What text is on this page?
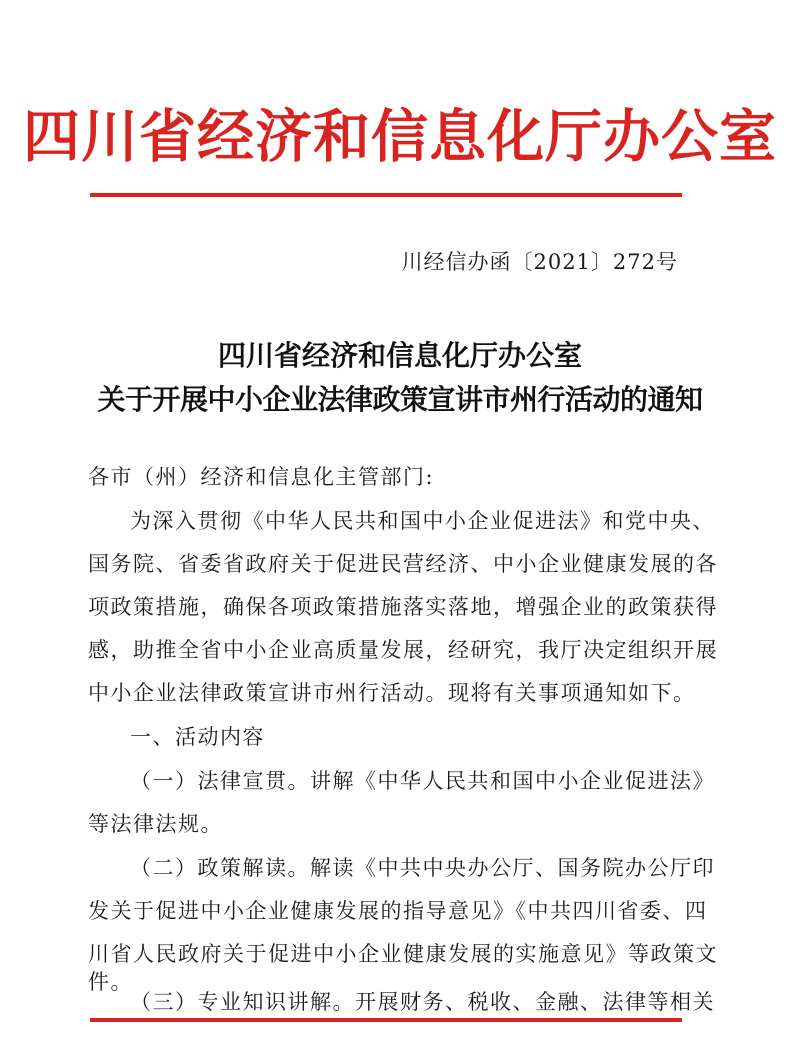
四川省经济和信息化厅办公室
川经信办函〔2021〕272号
四川省经济和信息化厅办公室
关于开展中小企业法律政策宣讲市州行活动的通知
各市（州）经济和信息化主管部门:
为深入贯彻《中华人民共和国中小企业促进法》和党中央、
国务院、省委省政府关于促进民营经济、中小企业健康发展的各
项政策措施，确保各项政策措施落实落地，增强企业的政策获得
感，助推全省中小企业高质量发展，经研究，我厅决定组织开展
中小企业法律政策宣讲市州行活动。现将有关事项通知如下。
一、活动内容
（一）法律宣贯。讲解《中华人民共和国中小企业促进法》
等法律法规。
（二）政策解读。解读《中共中央办公厅、国务院办公厅印
发关于促进中小企业健康发展的指导意见》《中共四川省委、四
川省人民政府关于促进中小企业健康发展的实施意见》等政策文
件。
（三）专业知识讲解。开展财务、税收、金融、法律等相关
